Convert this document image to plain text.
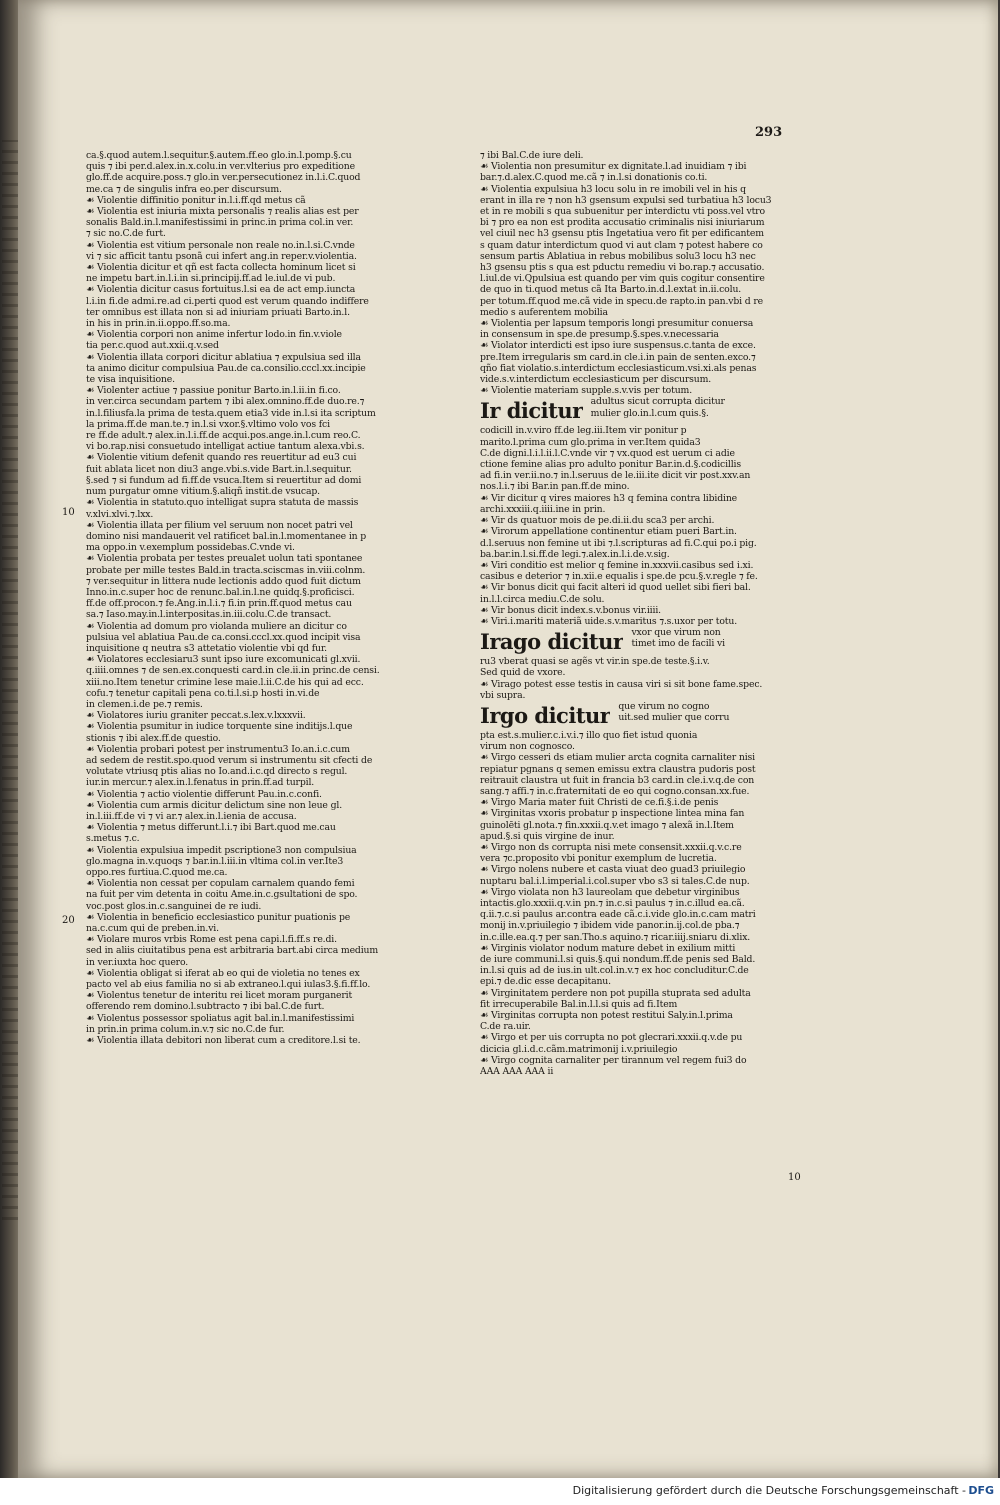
293
ca.§.quod autem.l.sequitur.§.autem.ff.eo glo.in.l.pomp.§.cu
quis ⁊ ibi per.d.alex.in.x.colu.in ver.vlterius pro expeditione
glo.ff.de acquire.poss.⁊ glo.in ver.persecutionez in.l.i.C.quod
me.ca ⁊ de singulis infra eo.per discursum.
☙ Violentie diffinitio ponitur in.l.i.ff.qd metus cã
☙ Violentia est iniuria mixta personalis ⁊ realis alias est per
sonalis Bald.in.l.manifestissimi in princ.in prima col.in ver.
⁊ sic no.C.de furt.
☙ Violentia est vitium personale non reale no.in.l.si.C.vnde
vi ⁊ sic afficit tantu psonã cui infert ang.in reper.v.violentia.
☙ Violentia dicitur et qñ est facta collecta hominum licet si
ne impetu bart.in.l.i.in si.principij.ff.ad le.iul.de vi pub.
☙ Violentia dicitur casus fortuitus.l.si ea de act emp.iuncta
l.i.in fi.de admi.re.ad ci.perti quod est verum quando indiffere
ter omnibus est illata non si ad iniuriam priuati Barto.in.l.
in his in prin.in.ii.oppo.ff.so.ma.
☙ Violentia corpori non anime infertur lodo.in fin.v.viole
tia per.c.quod aut.xxii.q.v.sed
☙ Violentia illata corpori dicitur ablatiua ⁊ expulsiua sed illa
ta animo dicitur compulsiua Pau.de ca.consilio.cccl.xx.incipie
te visa inquisitione.
☙ Violenter actiue ⁊ passiue ponitur Barto.in.l.ii.in fi.co.
in ver.circa secundam partem ⁊ ibi alex.omnino.ff.de duo.re.⁊
in.l.filiusfa.la prima de testa.quem etia3 vide in.l.si ita scriptum
la prima.ff.de man.te.⁊ in.l.si vxor.§.vltimo volo vos fci
re ff.de adult.⁊ alex.in.l.i.ff.de acqui.pos.ange.in.l.cum reo.C.
vi bo.rap.nisi consuetudo intelligat actiue tantum alexa.vbi.s.
☙ Violentie vitium defenit quando res reuertitur ad eu3 cui
fuit ablata licet non diu3 ange.vbi.s.vide Bart.in.l.sequitur.
§.sed ⁊ si fundum ad fi.ff.de vsuca.Item si reuertitur ad domi
num purgatur omne vitium.§.aliqñ instit.de vsucap.
☙ Violentia in statuto.quo intelligat supra statuta de massis
v.xlvi.xlvi.⁊.lxx.
☙ Violentia illata per filium vel seruum non nocet patri vel
domino nisi mandauerit vel ratificet bal.in.l.momentanee in p
ma oppo.in v.exemplum possidebas.C.vnde vi.
☙ Violentia probata per testes preualet uolun tati spontanee
probate per mille testes Bald.in tracta.sciscmas in.viii.colnm.
⁊ ver.sequitur in littera nude lectionis addo quod fuit dictum
Inno.in.c.super hoc de renunc.bal.in.l.ne quidq.§.proficisci.
ff.de off.procon.⁊ fe.Ang.in.l.i.⁊ fi.in prin.ff.quod metus cau
sa.⁊ Iaso.may.in.l.interpositas.in.iii.colu.C.de transact.
☙ Violentia ad domum pro violanda muliere an dicitur co
pulsiua vel ablatiua Pau.de ca.consi.cccl.xx.quod incipit visa
inquisitione q neutra s3 attetatio violentie vbi qd fur.
☙ Violatores ecclesiaru3 sunt ipso iure excomunicati gl.xvii.
q.iiii.omnes ⁊ de sen.ex.conquesti card.in cle.ii.in princ.de censi.
xiii.no.Item tenetur crimine lese maie.l.ii.C.de his qui ad ecc.
cofu.⁊ tenetur capitali pena co.ti.l.si.p hosti in.vi.de
in clemen.i.de pe.⁊ remis.
☙ Violatores iuriu graniter peccat.s.lex.v.lxxxvii.
☙ Violentia psumitur in iudice torquente sine inditijs.l.que
stionis ⁊ ibi alex.ff.de questio.
☙ Violentia probari potest per instrumentu3 Io.an.i.c.cum
ad sedem de restit.spo.quod verum si instrumentu sit cfecti de
volutate vtriusq ptis alias no Io.and.i.c.qd directo s regul.
iur.in mercur.⁊ alex.in.l.fenatus in prin.ff.ad turpil.
☙ Violentia ⁊ actio violentie differunt Pau.in.c.confi.
☙ Violentia cum armis dicitur delictum sine non leue gl.
in.l.iii.ff.de vi ⁊ vi ar.⁊ alex.in.l.ienia de accusa.
☙ Violentia ⁊ metus differunt.l.i.⁊ ibi Bart.quod me.cau
s.metus ⁊.c.
☙ Violentia expulsiua impedit pscriptione3 non compulsiua
glo.magna in.v.quoqs ⁊ bar.in.l.iii.in vltima col.in ver.Ite3
oppo.res furtiua.C.quod me.ca.
☙ Violentia non cessat per copulam carnalem quando femi
na fuit per vim detenta in coitu Ame.in.c.gsultationi de spo.
voc.post glos.in.c.sanguinei de re iudi.
☙ Violentia in beneficio ecclesiastico punitur puationis pe
na.c.cum qui de preben.in.vi.
☙ Violare muros vrbis Rome est pena capi.l.fi.ff.s re.di.
sed in aliis ciuitatibus pena est arbitraria bart.abi circa medium
in ver.iuxta hoc quero.
☙ Violentia obligat si iferat ab eo qui de violetia no tenes ex
pacto vel ab eius familia no si ab extraneo.l.qui iulas3.§.fi.ff.lo.
☙ Violentus tenetur de interitu rei licet moram purganerit
offerendo rem domino.l.subtracto ⁊ ibi bal.C.de furt.
☙ Violentus possessor spoliatus agit bal.in.l.manifestissimi
in prin.in prima colum.in.v.⁊ sic no.C.de fur.
☙ Violentia illata debitori non liberat cum a creditore.l.si te.
⁊ ibi Bal.C.de iure deli.
☙ Violentia non presumitur ex dignitate.l.ad inuidiam ⁊ ibi
bar.⁊.d.alex.C.quod me.cã ⁊ in.l.si donationis co.ti.
☙ Violentia expulsiua h3 locu solu in re imobili vel in his q
erant in illa re ⁊ non h3 gsensum expulsi sed turbatiua h3 locu3
et in re mobili s qua subuenitur per interdictu vti poss.vel vtro
bi ⁊ pro ea non est prodita accusatio criminalis nisi iniuriarum
vel ciuil nec h3 gsensu ptis Ingetatiua vero fit per edificantem
s quam datur interdictum quod vi aut clam ⁊ potest habere co
sensum partis Ablatiua in rebus mobilibus solu3 locu h3 nec
h3 gsensu ptis s qua est pductu remediu vi bo.rap.⁊ accusatio.
l.iul.de vi.Qpulsiua est quando per vim quis cogitur consentire
de quo in ti.quod metus cã Ita Barto.in.d.l.extat in.ii.colu.
per totum.ff.quod me.cã vide in specu.de rapto.in pan.vbi d re
medio s auferentem mobilia
☙ Violentia per lapsum temporis longi presumitur conuersa
in consensum in spe.de presump.§.spes.v.necessaria
☙ Violator interdicti est ipso iure suspensus.c.tanta de exce.
pre.Item irregularis sm card.in cle.i.in pain de senten.exco.⁊
qño fiat violatio.s.interdictum ecclesiasticum.vsi.xi.als penas
vide.s.v.interdictum ecclesiasticum per discursum.
☙ Violentie materiam supple.s.v.vis per totum.
Ir dicitur adultus sicut corrupta dicitur
mulier glo.in.l.cum quis.§.
codicill in.v.viro ff.de leg.iii.Item vir ponitur p
marito.l.prima cum glo.prima in ver.Item quida3
C.de digni.l.i.l.ii.l.C.vnde vir ⁊ vx.quod est uerum ci adie
ctione femine alias pro adulto ponitur Bar.in.d.§.codicillis
ad fi.in ver.ii.no.⁊ in.l.seruus de le.iii.ite dicit vir post.xxv.an
nos.l.i.⁊ ibi Bar.in pan.ff.de mino.
☙ Vir dicitur q vires maiores h3 q femina contra libidine
archi.xxxiii.q.iiii.ine in prin.
☙ Vir ds quatuor mois de pe.di.ii.du sca3 per archi.
☙ Virorum appellatione continentur etiam pueri Bart.in.
d.l.seruus non femine ut ibi ⁊.l.scripturas ad fi.C.qui po.i pig.
ba.bar.in.l.si.ff.de legi.⁊.alex.in.l.i.de.v.sig.
☙ Viri conditio est melior q femine in.xxxvii.casibus sed i.xi.
casibus e deterior ⁊ in.xii.e equalis i spe.de pcu.§.v.regle ⁊ fe.
☙ Vir bonus dicit qui facit alteri id quod uellet sibi fieri bal.
in.l.l.circa mediu.C.de solu.
☙ Vir bonus dicit index.s.v.bonus vir.iiii.
☙ Viri.i.mariti materiã uide.s.v.maritus ⁊.s.uxor per totu.
Irago dicitur vxor que virum non
timet imo de facili vi
ru3 vberat quasi se agẽs vt vir.in spe.de teste.§.i.v.
Sed quid de vxore.
☙ Virago potest esse testis in causa viri si sit bone fame.spec.
vbi supra.
Irgo dicitur que virum no cogno
uit.sed mulier que corru
pta est.s.mulier.c.i.v.i.⁊ illo quo fiet istud quonia
virum non cognosco.
☙ Virgo cesseri ds etiam mulier arcta cognita carnaliter nisi
repiatur pgnans q semen emissu extra claustra pudoris post
reitrauit claustra ut fuit in francia b3 card.in cle.i.v.q.de con
sang.⁊ affi.⁊ in.c.fraternitati de eo qui cogno.consan.xx.fue.
☙ Virgo Maria mater fuit Christi de ce.fi.§.i.de penis
☙ Virginitas vxoris probatur p inspectione lintea mina fan
guinolēti gl.nota.⁊ fin.xxxii.q.v.et imago ⁊ alexã in.l.Item
apud.§.si quis virgine de inur.
☙ Virgo non ds corrupta nisi mete consensit.xxxii.q.v.c.re
vera ⁊c.proposito vbi ponitur exemplum de lucretia.
☙ Virgo nolens nubere et casta viuat deo guad3 priuilegio
nuptaru bal.i.l.imperial.i.col.super vbo s3 si tales.C.de nup.
☙ Virgo violata non h3 laureolam que debetur virginibus
intactis.glo.xxxii.q.v.in pn.⁊ in.c.si paulus ⁊ in.c.illud ea.cã.
q.ii.⁊.c.si paulus ar.contra eade cã.c.i.vide glo.in.c.cam matri
monij in.v.priuilegio ⁊ ibidem vide panor.in.ij.col.de pba.⁊
in.c.ille.ea.q.⁊ per san.Tho.s aquino.⁊ ricar.iiij.sniaru di.xlix.
☙ Virginis violator nodum mature debet in exilium mitti
de iure communi.l.si quis.§.qui nondum.ff.de penis sed Bald.
in.l.si quis ad de ius.in ult.col.in.v.⁊ ex hoc concluditur.C.de
epi.⁊ de.dic esse decapitanu.
☙ Virginitatem perdere non pot pupilla stuprata sed adulta
fit irrecuperabile Bal.in.l.l.si quis ad fi.Item
☙ Virginitas corrupta non potest restitui Saly.in.l.prima
C.de ra.uir.
☙ Virgo et per uis corrupta no pot glecrari.xxxii.q.v.de pu
dicicia gl.i.d.c.cãm.matrimonij i.v.priuilegio
☙ Virgo cognita carnaliter per tirannum vel regem fui3 do
AAA AAA AAA ii
10
20
10
Digitalisierung gefördert durch die Deutsche Forschungsgemeinschaft - DFG
